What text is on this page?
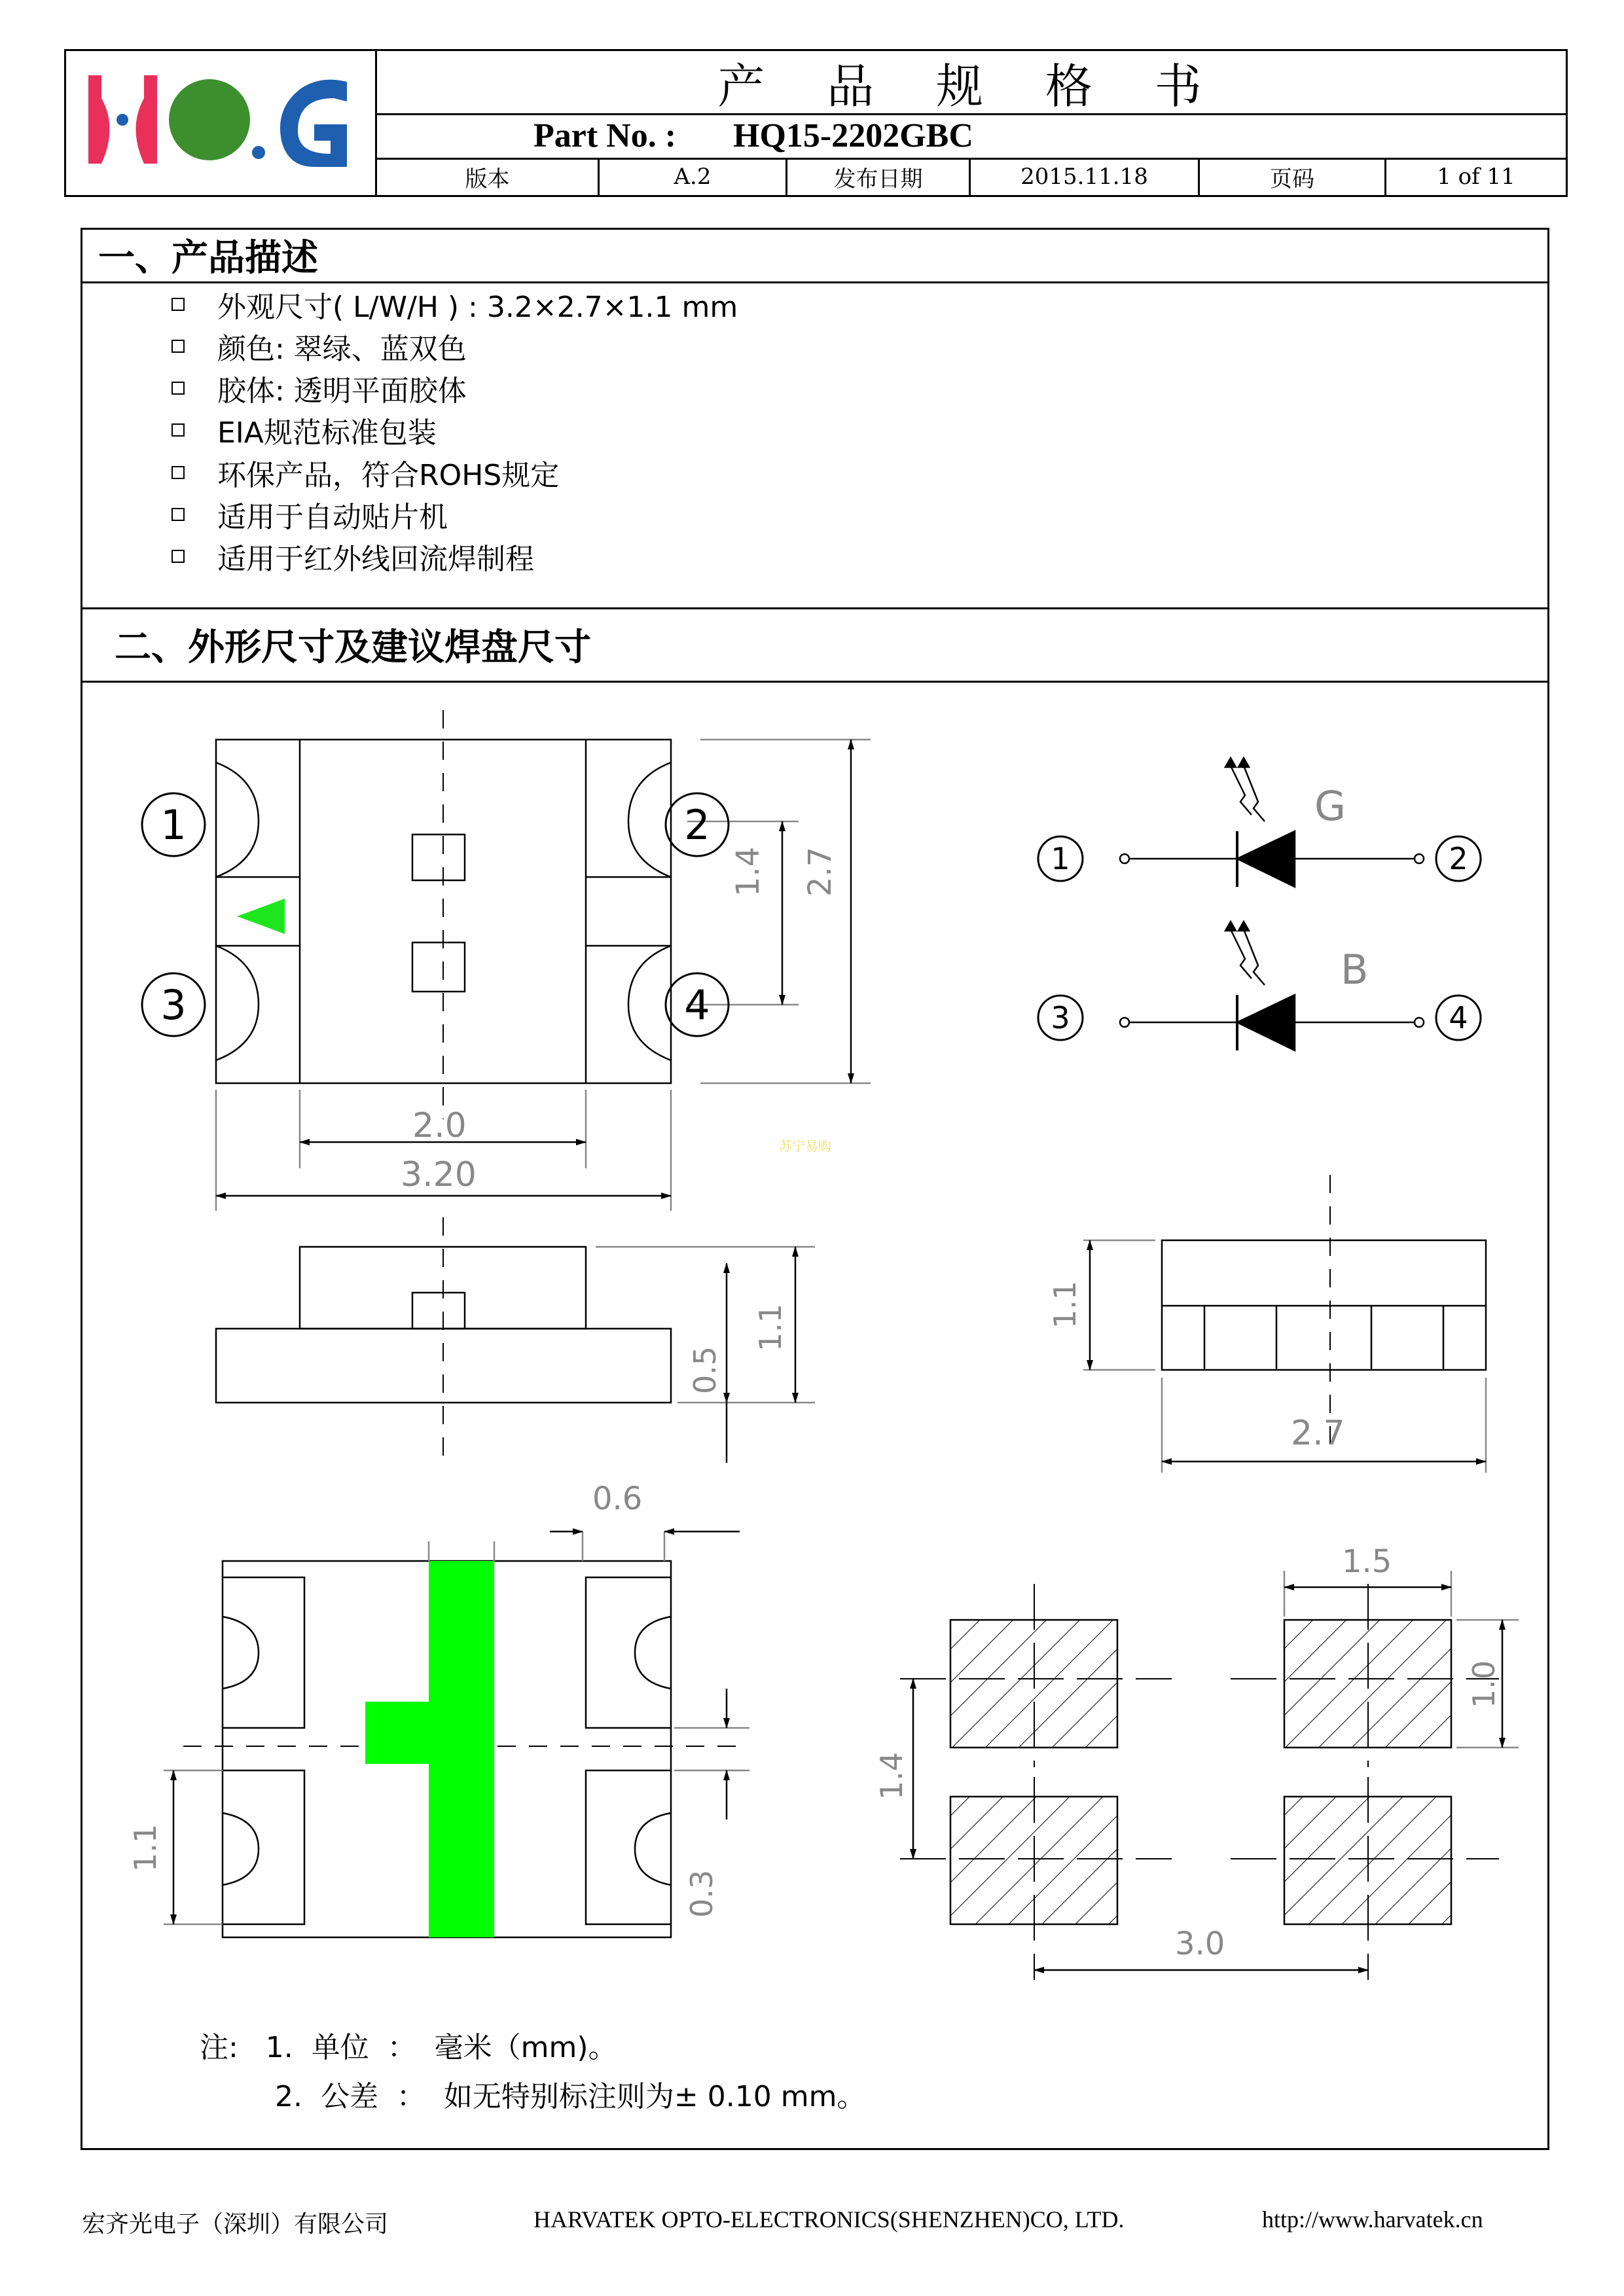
产 品 规 格 书
Part No. : HQ15-2202GBC
版本	A.2	发布日期	2015.11.18	页码	1 of 11
一、产品描述
外观尺寸( L/W/H ) : 3.2×2.7×1.1 mm
颜色: 翠绿、蓝双色
胶体: 透明平面胶体
EIA规范标准包装
环保产品，符合ROHS规定
适用于自动贴片机
适用于红外线回流焊制程
二、外形尺寸及建议焊盘尺寸
1	2
3	4
1	2
3	4
1.4 2.7
2.0
3.20
苏宁易购
0.5
1.1	1.1
2.7
0.6
1.1
0.3
1.5
1.0
1.4
3.0
G
B
注:   1.  单位  ：  毫米（mm)。
2.  公差  ：  如无特别标注则为± 0.10 mm。
宏齐光电子（深圳）有限公司	HARVATEK OPTO-ELECTRONICS(SHENZHEN)CO, LTD.	http://www.harvatek.cn
